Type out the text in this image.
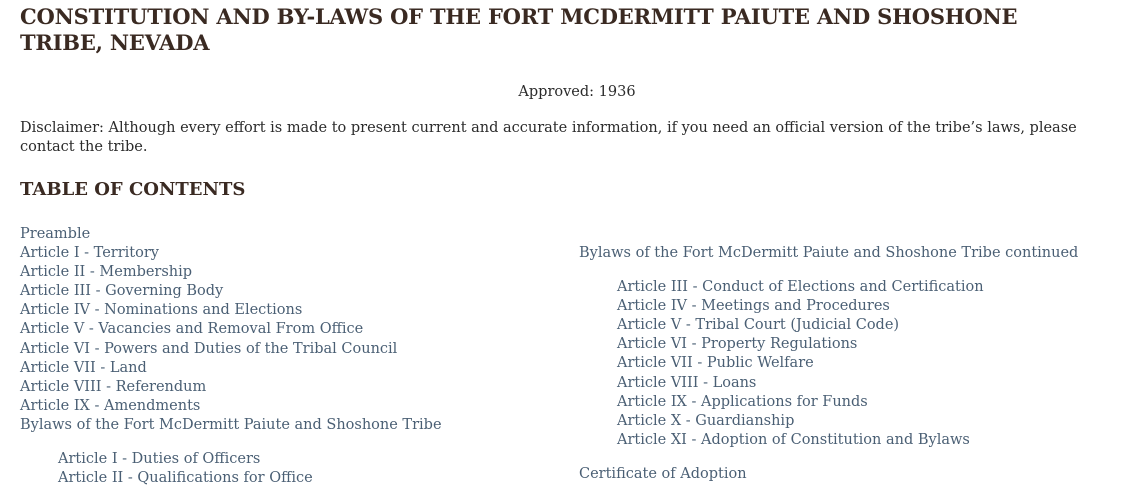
CONSTITUTION AND BY-LAWS OF THE FORT MCDERMITT PAIUTE AND SHOSHONE TRIBE, NEVADA
Approved: 1936

Disclaimer: Although every effort is made to present current and accurate information, if you need an official version of the tribe’s laws, please contact the tribe.

TABLE OF CONTENTS
Preamble
Article I - Territory
Article II - Membership
Article III - Governing Body
Article IV - Nominations and Elections
Article V - Vacancies and Removal From Office
Article VI - Powers and Duties of the Tribal Council
Article VII - Land
Article VIII - Referendum
Article IX - Amendments
Bylaws of the Fort McDermitt Paiute and Shoshone Tribe
Article I - Duties of Officers
Article II - Qualifications for Office
Bylaws of the Fort McDermitt Paiute and Shoshone Tribe continued
Article III - Conduct of Elections and Certification
Article IV - Meetings and Procedures
Article V - Tribal Court (Judicial Code)
Article VI - Property Regulations
Article VII - Public Welfare
Article VIII - Loans
Article IX - Applications for Funds
Article X - Guardianship
Article XI - Adoption of Constitution and Bylaws
Certificate of Adoption
